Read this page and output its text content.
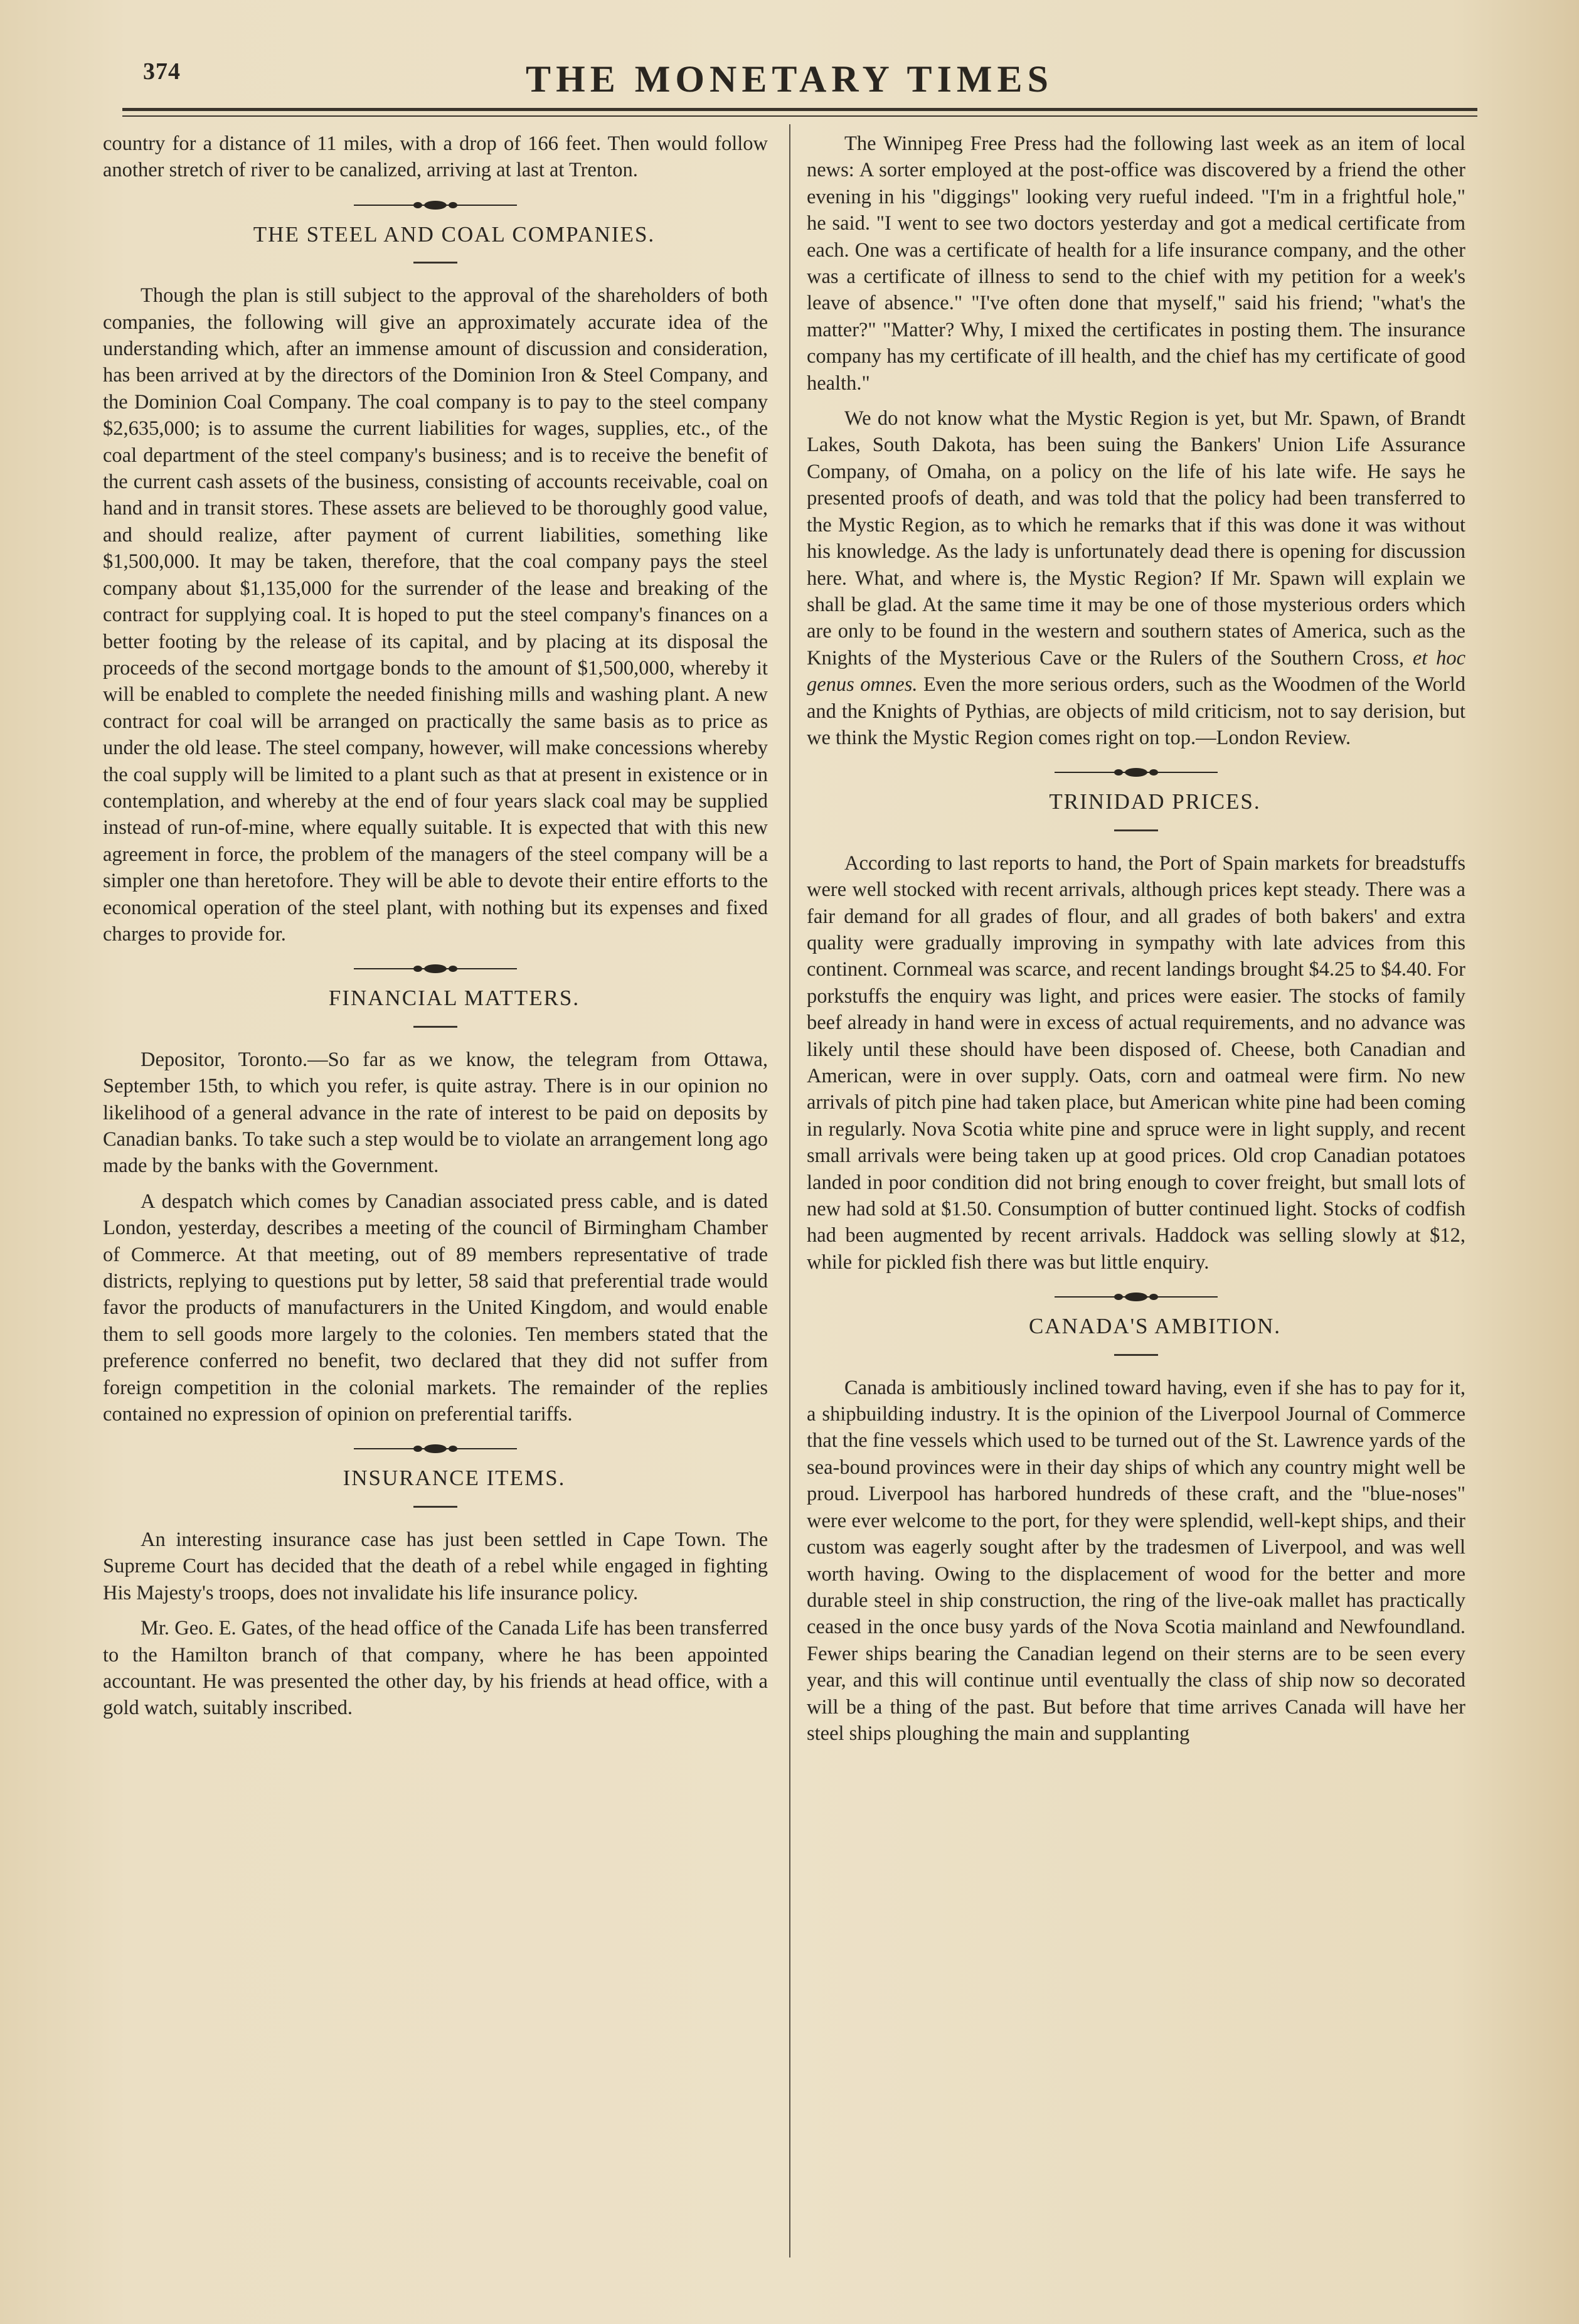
374	THE MONETARY TIMES

country for a distance of 11 miles, with a drop of 166 feet. Then would follow another stretch of river to be canalized, arriving at last at Trenton.

THE STEEL AND COAL COMPANIES.

Though the plan is still subject to the approval of the shareholders of both companies, the following will give an approximately accurate idea of the understanding which, after an immense amount of discussion and consideration, has been arrived at by the directors of the Dominion Iron & Steel Company, and the Dominion Coal Company. The coal company is to pay to the steel company $2,635,000; is to assume the current liabilities for wages, supplies, etc., of the coal department of the steel company's business; and is to receive the benefit of the current cash assets of the business, consisting of accounts receivable, coal on hand and in transit stores. These assets are believed to be thoroughly good value, and should realize, after payment of current liabilities, something like $1,500,000. It may be taken, therefore, that the coal company pays the steel company about $1,135,000 for the surrender of the lease and breaking of the contract for supplying coal. It is hoped to put the steel company's finances on a better footing by the release of its capital, and by placing at its disposal the proceeds of the second mortgage bonds to the amount of $1,500,000, whereby it will be enabled to complete the needed finishing mills and washing plant. A new contract for coal will be arranged on practically the same basis as to price as under the old lease. The steel company, however, will make concessions whereby the coal supply will be limited to a plant such as that at present in existence or in contemplation, and whereby at the end of four years slack coal may be supplied instead of run-of-mine, where equally suitable. It is expected that with this new agreement in force, the problem of the managers of the steel company will be a simpler one than heretofore. They will be able to devote their entire efforts to the economical operation of the steel plant, with nothing but its expenses and fixed charges to provide for.

FINANCIAL MATTERS.

Depositor, Toronto.—So far as we know, the telegram from Ottawa, September 15th, to which you refer, is quite astray. There is in our opinion no likelihood of a general advance in the rate of interest to be paid on deposits by Canadian banks. To take such a step would be to violate an arrangement long ago made by the banks with the Government.

A despatch which comes by Canadian associated press cable, and is dated London, yesterday, describes a meeting of the council of Birmingham Chamber of Commerce. At that meeting, out of 89 members representative of trade districts, replying to questions put by letter, 58 said that preferential trade would favor the products of manufacturers in the United Kingdom, and would enable them to sell goods more largely to the colonies. Ten members stated that the preference conferred no benefit, two declared that they did not suffer from foreign competition in the colonial markets. The remainder of the replies contained no expression of opinion on preferential tariffs.

INSURANCE ITEMS.

An interesting insurance case has just been settled in Cape Town. The Supreme Court has decided that the death of a rebel while engaged in fighting His Majesty's troops, does not invalidate his life insurance policy.

Mr. Geo. E. Gates, of the head office of the Canada Life has been transferred to the Hamilton branch of that company, where he has been appointed accountant. He was presented the other day, by his friends at head office, with a gold watch, suitably inscribed.

The Winnipeg Free Press had the following last week as an item of local news: A sorter employed at the post-office was discovered by a friend the other evening in his "diggings" looking very rueful indeed. "I'm in a frightful hole," he said. "I went to see two doctors yesterday and got a medical certificate from each. One was a certificate of health for a life insurance company, and the other was a certificate of illness to send to the chief with my petition for a week's leave of absence." "I've often done that myself," said his friend; "what's the matter?" "Matter? Why, I mixed the certificates in posting them. The insurance company has my certificate of ill health, and the chief has my certificate of good health."

We do not know what the Mystic Region is yet, but Mr. Spawn, of Brandt Lakes, South Dakota, has been suing the Bankers' Union Life Assurance Company, of Omaha, on a policy on the life of his late wife. He says he presented proofs of death, and was told that the policy had been transferred to the Mystic Region, as to which he remarks that if this was done it was without his knowledge. As the lady is unfortunately dead there is opening for discussion here. What, and where is, the Mystic Region? If Mr. Spawn will explain we shall be glad. At the same time it may be one of those mysterious orders which are only to be found in the western and southern states of America, such as the Knights of the Mysterious Cave or the Rulers of the Southern Cross, et hoc genus omnes. Even the more serious orders, such as the Woodmen of the World and the Knights of Pythias, are objects of mild criticism, not to say derision, but we think the Mystic Region comes right on top.—London Review.

TRINIDAD PRICES.

According to last reports to hand, the Port of Spain markets for breadstuffs were well stocked with recent arrivals, although prices kept steady. There was a fair demand for all grades of flour, and all grades of both bakers' and extra quality were gradually improving in sympathy with late advices from this continent. Cornmeal was scarce, and recent landings brought $4.25 to $4.40. For porkstuffs the enquiry was light, and prices were easier. The stocks of family beef already in hand were in excess of actual requirements, and no advance was likely until these should have been disposed of. Cheese, both Canadian and American, were in over supply. Oats, corn and oatmeal were firm. No new arrivals of pitch pine had taken place, but American white pine had been coming in regularly. Nova Scotia white pine and spruce were in light supply, and recent small arrivals were being taken up at good prices. Old crop Canadian potatoes landed in poor condition did not bring enough to cover freight, but small lots of new had sold at $1.50. Consumption of butter continued light. Stocks of codfish had been augmented by recent arrivals. Haddock was selling slowly at $12, while for pickled fish there was but little enquiry.

CANADA'S AMBITION.

Canada is ambitiously inclined toward having, even if she has to pay for it, a shipbuilding industry. It is the opinion of the Liverpool Journal of Commerce that the fine vessels which used to be turned out of the St. Lawrence yards of the sea-bound provinces were in their day ships of which any country might well be proud. Liverpool has harbored hundreds of these craft, and the "blue-noses" were ever welcome to the port, for they were splendid, well-kept ships, and their custom was eagerly sought after by the tradesmen of Liverpool, and was well worth having. Owing to the displacement of wood for the better and more durable steel in ship construction, the ring of the live-oak mallet has practically ceased in the once busy yards of the Nova Scotia mainland and Newfoundland. Fewer ships bearing the Canadian legend on their sterns are to be seen every year, and this will continue until eventually the class of ship now so decorated will be a thing of the past. But before that time arrives Canada will have her steel ships ploughing the main and supplanting
